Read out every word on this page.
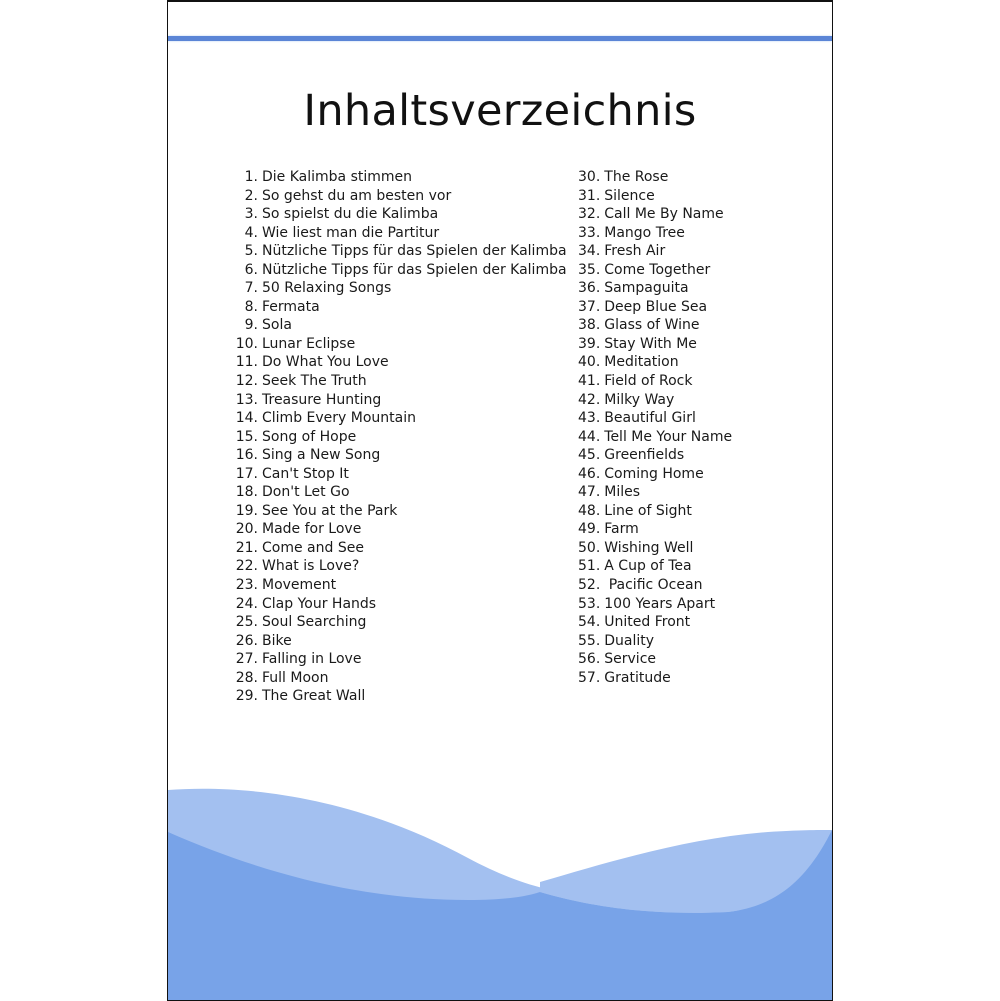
Inhaltsverzeichnis
1. Die Kalimba stimmen
2. So gehst du am besten vor
3. So spielst du die Kalimba
4. Wie liest man die Partitur
5. Nützliche Tipps für das Spielen der Kalimba
6. Nützliche Tipps für das Spielen der Kalimba
7. 50 Relaxing Songs
8. Fermata
9. Sola
10. Lunar Eclipse
11. Do What You Love
12. Seek The Truth
13. Treasure Hunting
14. Climb Every Mountain
15. Song of Hope
16. Sing a New Song
17. Can't Stop It
18. Don't Let Go
19. See You at the Park
20. Made for Love
21. Come and See
22. What is Love?
23. Movement
24. Clap Your Hands
25. Soul Searching
26. Bike
27. Falling in Love
28. Full Moon
29. The Great Wall
30. The Rose
31. Silence
32. Call Me By Name
33. Mango Tree
34. Fresh Air
35. Come Together
36. Sampaguita
37. Deep Blue Sea
38. Glass of Wine
39. Stay With Me
40. Meditation
41. Field of Rock
42. Milky Way
43. Beautiful Girl
44. Tell Me Your Name
45. Greenfields
46. Coming Home
47. Miles
48. Line of Sight
49. Farm
50. Wishing Well
51. A Cup of Tea
52. Pacific Ocean
53. 100 Years Apart
54. United Front
55. Duality
56. Service
57. Gratitude
